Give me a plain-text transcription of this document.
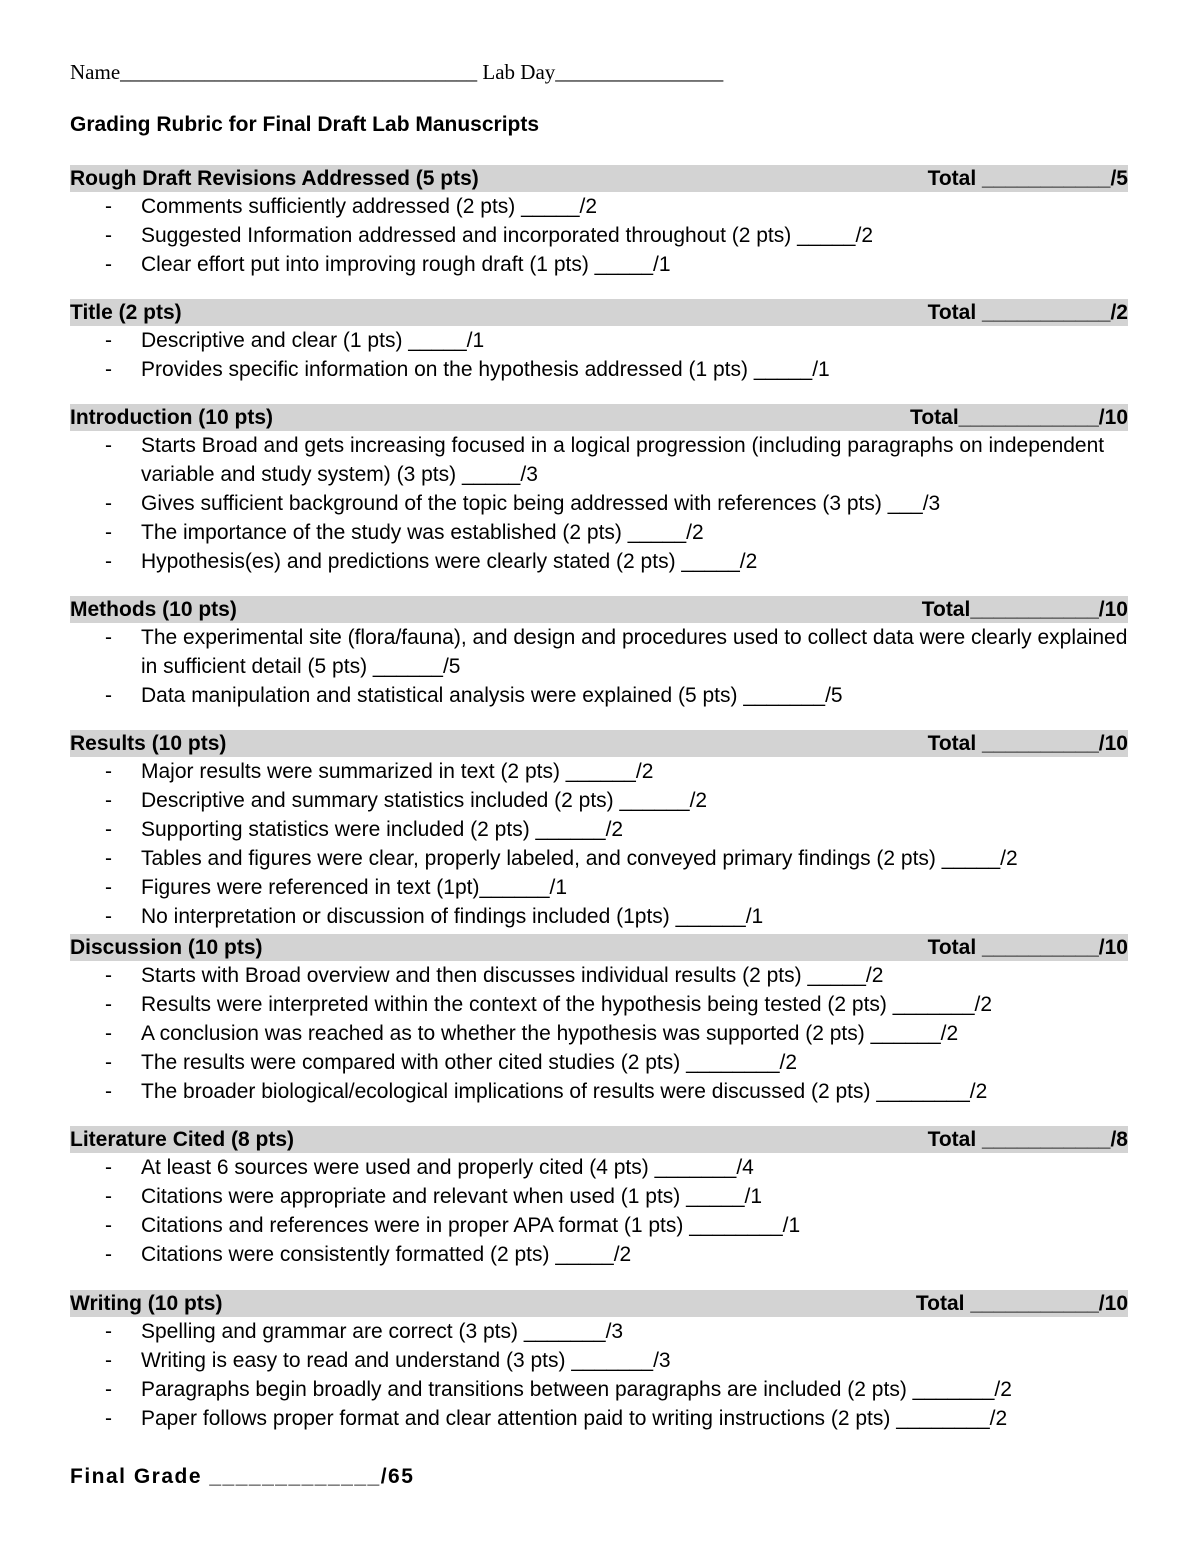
Name__________________________________ Lab Day________________
Grading Rubric for Final Draft Lab Manuscripts
Rough Draft Revisions Addressed (5 pts)	Total ___________/5
- Comments sufficiently addressed (2 pts) _____/2
- Suggested Information addressed and incorporated throughout (2 pts) _____/2
- Clear effort put into improving rough draft (1 pts) _____/1
Title (2 pts)	Total ___________/2
- Descriptive and clear (1 pts) _____/1
- Provides specific information on the hypothesis addressed (1 pts) _____/1
Introduction (10 pts)	Total____________/10
- Starts Broad and gets increasing focused in a logical progression (including paragraphs on independent variable and study system) (3 pts) _____/3
- Gives sufficient background of the topic being addressed with references (3 pts) ___/3
- The importance of the study was established (2 pts) _____/2
- Hypothesis(es) and predictions were clearly stated (2 pts) _____/2
Methods (10 pts)	Total___________/10
- The experimental site (flora/fauna), and design and procedures used to collect data were clearly explained in sufficient detail (5 pts) ______/5
- Data manipulation and statistical analysis were explained (5 pts) _______/5
Results (10 pts)	Total __________/10
- Major results were summarized in text (2 pts) ______/2
- Descriptive and summary statistics included (2 pts) ______/2
- Supporting statistics were included (2 pts) ______/2
- Tables and figures were clear, properly labeled, and conveyed primary findings (2 pts) _____/2
- Figures were referenced in text (1pt)______/1
- No interpretation or discussion of findings included (1pts) ______/1
Discussion (10 pts)	Total __________/10
- Starts with Broad overview and then discusses individual results (2 pts) _____/2
- Results were interpreted within the context of the hypothesis being tested (2 pts) _______/2
- A conclusion was reached as to whether the hypothesis was supported (2 pts) ______/2
- The results were compared with other cited studies (2 pts) ________/2
- The broader biological/ecological implications of results were discussed (2 pts) ________/2
Literature Cited (8 pts)	Total ___________/8
- At least 6 sources were used and properly cited (4 pts) _______/4
- Citations were appropriate and relevant when used (1 pts) _____/1
- Citations and references were in proper APA format (1 pts) ________/1
- Citations were consistently formatted (2 pts) _____/2
Writing (10 pts)	Total ___________/10
- Spelling and grammar are correct (3 pts) _______/3
- Writing is easy to read and understand (3 pts) _______/3
- Paragraphs begin broadly and transitions between paragraphs are included (2 pts) _______/2
- Paper follows proper format and clear attention paid to writing instructions (2 pts) ________/2
Final Grade _____________/65
